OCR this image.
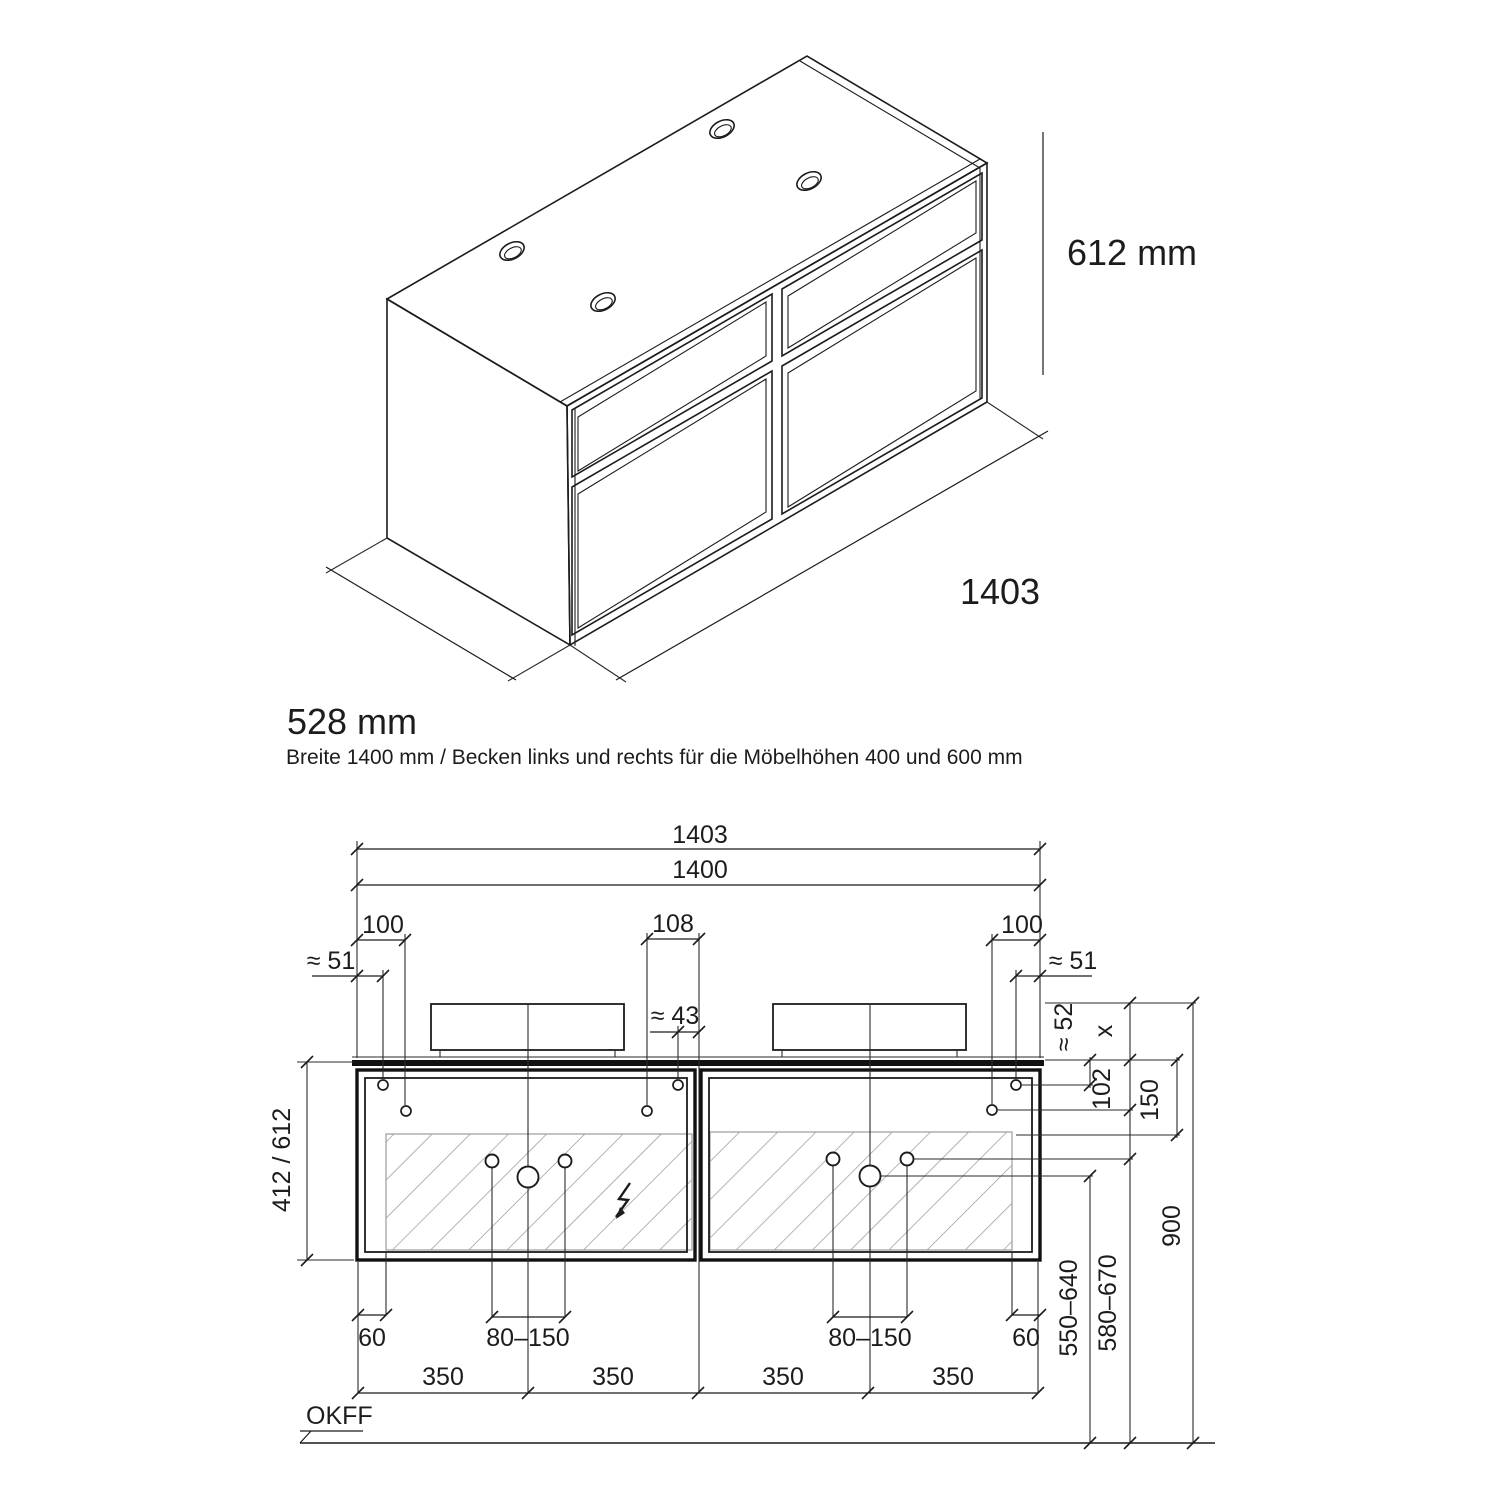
612 mm
528 mm
1403
Breite 1400 mm / Becken links und rechts für die Möbelhöhen 400 und 600 mm
1403
1400
100	108	100
≈ 51
≈ 43
≈ 51
412 / 612
≈ 52 x
102 150
900
550–640 580–670
60	80–150	80–150	60
350	350	350	350
OKFF
